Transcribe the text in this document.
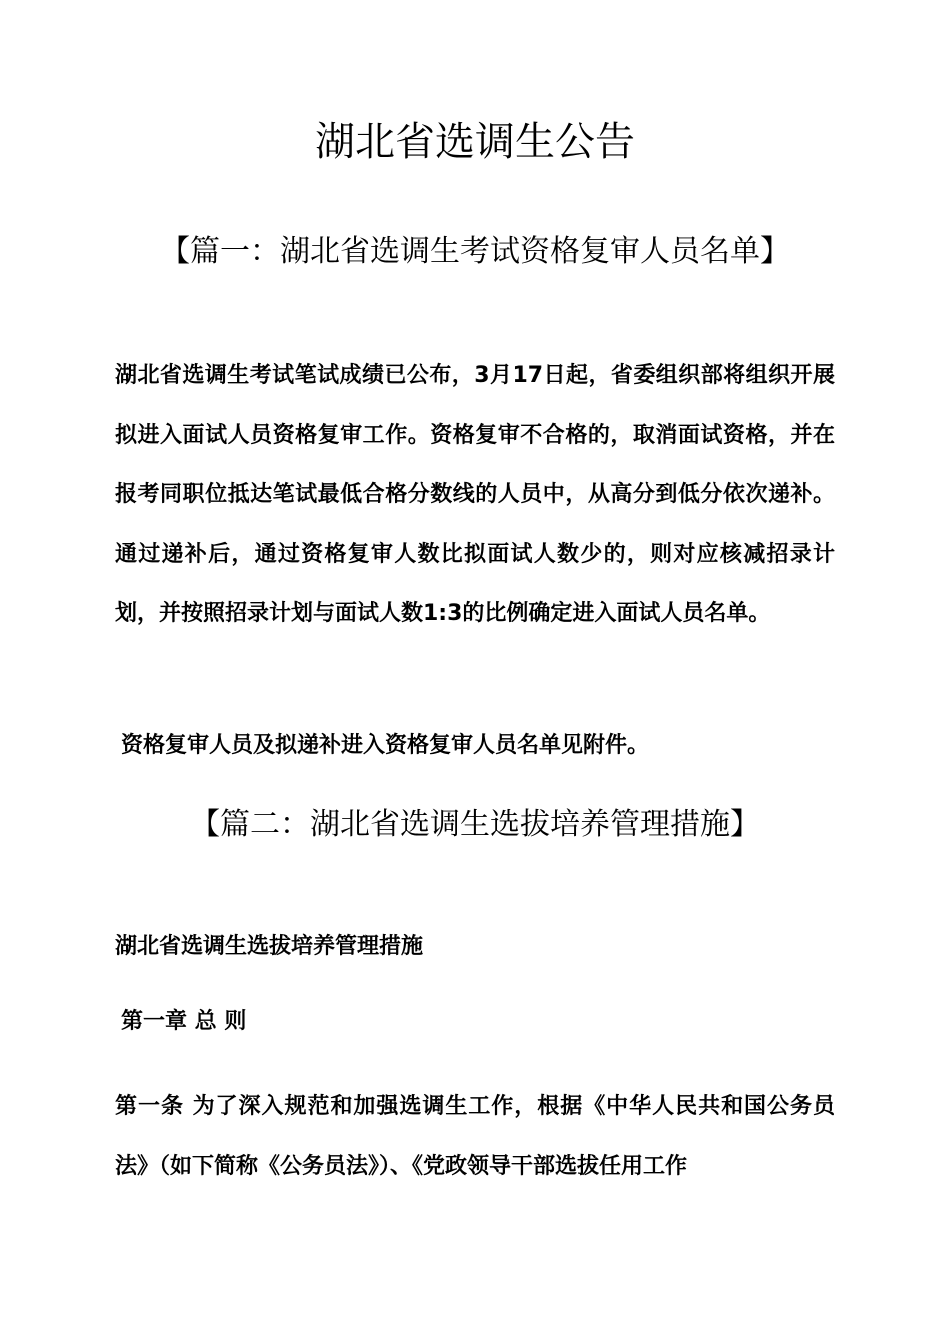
湖北省选调生公告
【篇一：湖北省选调生考试资格复审人员名单】

湖北省选调生考试笔试成绩已公布，3月17日起，省委组织部将组织开展拟进入面试人员资格复审工作。资格复审不合格的，取消面试资格，并在报考同职位抵达笔试最低合格分数线的人员中，从高分到低分依次递补。通过递补后，通过资格复审人数比拟面试人数少的，则对应核减招录计划，并按照招录计划与面试人数1:3的比例确定进入面试人员名单。

资格复审人员及拟递补进入资格复审人员名单见附件。

【篇二：湖北省选调生选拔培养管理措施】

湖北省选调生选拔培养管理措施

第一章 总 则

第一条 为了深入规范和加强选调生工作，根据《中华人民共和国公务员法》（如下简称《公务员法》）、《党政领导干部选拔任用工作
